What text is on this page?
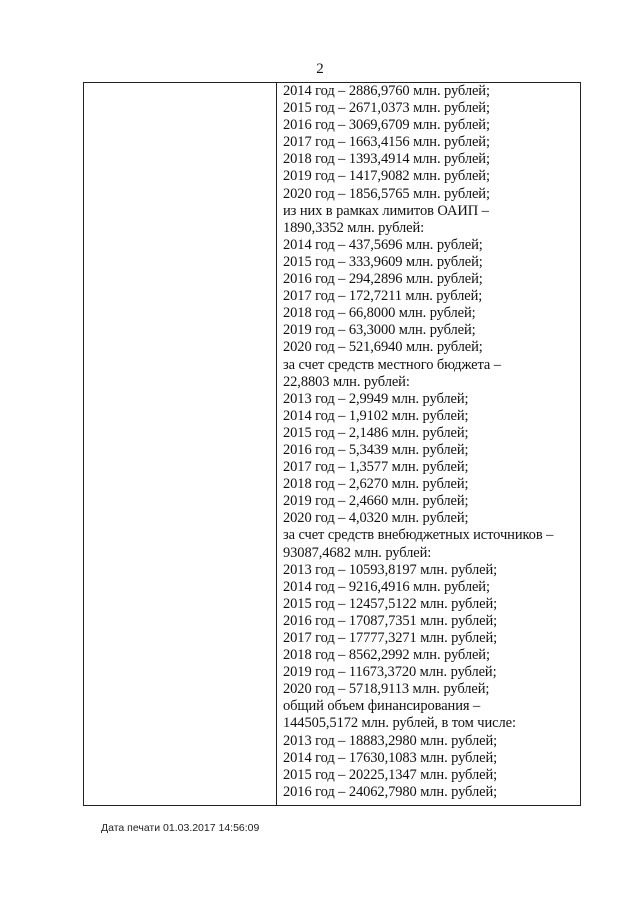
2
2014 год – 2886,9760 млн. рублей;
2015 год – 2671,0373 млн. рублей;
2016 год – 3069,6709 млн. рублей;
2017 год – 1663,4156 млн. рублей;
2018 год – 1393,4914 млн. рублей;
2019 год – 1417,9082 млн. рублей;
2020 год – 1856,5765 млн. рублей;
из них в рамках лимитов ОАИП –
1890,3352 млн. рублей:
2014 год – 437,5696 млн. рублей;
2015 год – 333,9609 млн. рублей;
2016 год – 294,2896 млн. рублей;
2017 год – 172,7211 млн. рублей;
2018 год – 66,8000 млн. рублей;
2019 год – 63,3000 млн. рублей;
2020 год – 521,6940 млн. рублей;
за счет средств местного бюджета –
22,8803 млн. рублей:
2013 год – 2,9949 млн. рублей;
2014 год – 1,9102 млн. рублей;
2015 год – 2,1486 млн. рублей;
2016 год – 5,3439 млн. рублей;
2017 год – 1,3577 млн. рублей;
2018 год – 2,6270 млн. рублей;
2019 год – 2,4660 млн. рублей;
2020 год – 4,0320 млн. рублей;
за счет средств внебюджетных источников –
93087,4682 млн. рублей:
2013 год – 10593,8197 млн. рублей;
2014 год – 9216,4916 млн. рублей;
2015 год – 12457,5122 млн. рублей;
2016 год – 17087,7351 млн. рублей;
2017 год – 17777,3271 млн. рублей;
2018 год – 8562,2992 млн. рублей;
2019 год – 11673,3720 млн. рублей;
2020 год – 5718,9113 млн. рублей;
общий объем финансирования –
144505,5172 млн. рублей, в том числе:
2013 год – 18883,2980 млн. рублей;
2014 год – 17630,1083 млн. рублей;
2015 год – 20225,1347 млн. рублей;
2016 год – 24062,7980 млн. рублей;
Дата печати 01.03.2017 14:56:09
